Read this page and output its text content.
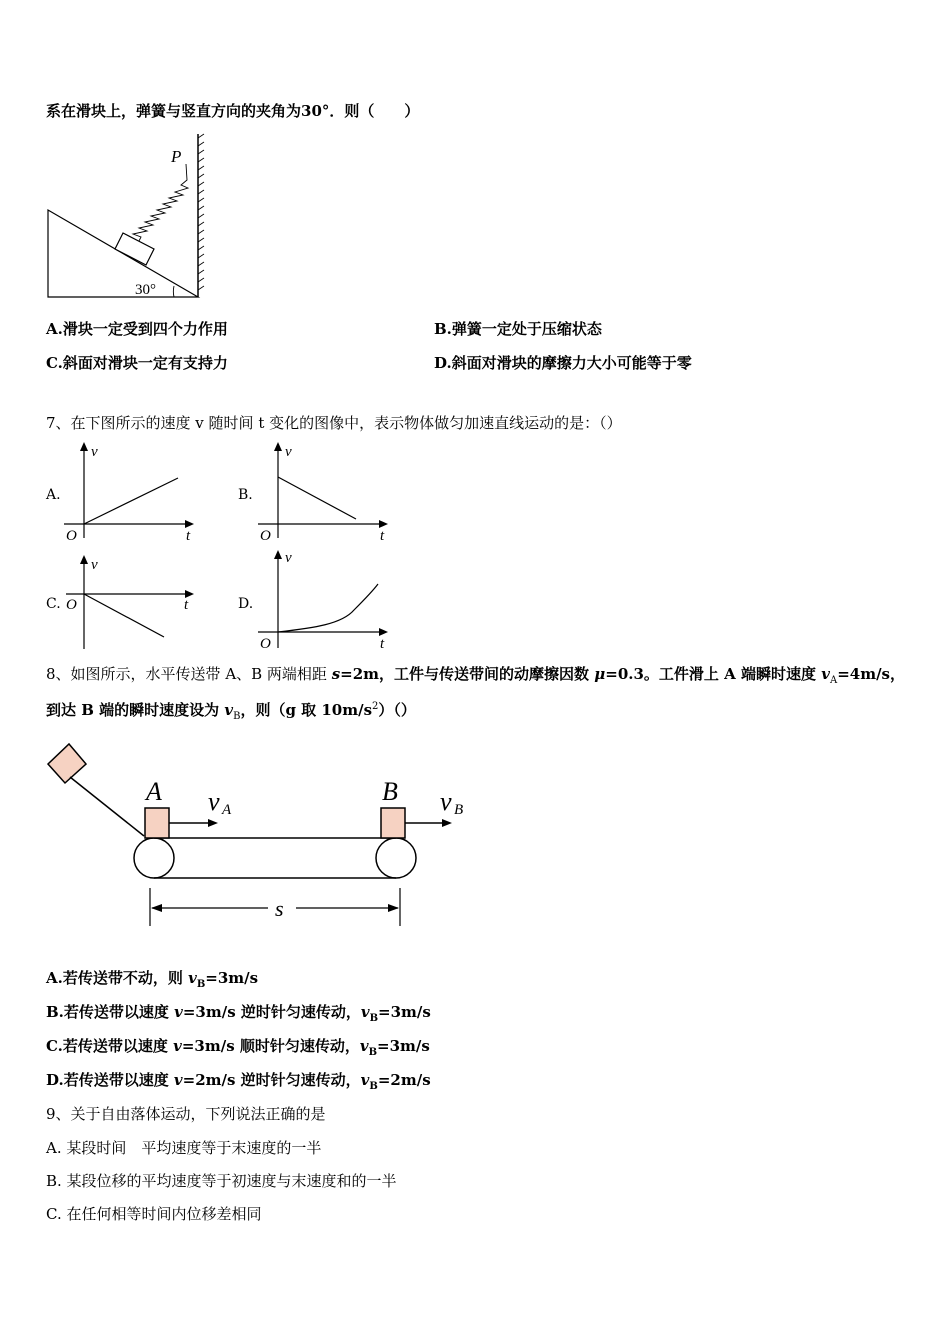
系在滑块上，弹簧与竖直方向的夹角为30°．则（　　）
P
30°
A.滑块一定受到四个力作用	B.弹簧一定处于压缩状态
C.斜面对滑块一定有支持力	D.斜面对滑块的摩擦力大小可能等于零
7、在下图所示的速度 v 随时间 t 变化的图像中，表示物体做匀加速直线运动的是：（）
A.
v
t
O
B.
v
t
O
C.
v
t
O	D.
v
t
O
8、如图所示，水平传送带 A、B 两端相距 s=2m，工件与传送带间的动摩擦因数 μ=0.3。工件滑上 A 端瞬时速度 $v_A=4m/s$，
到达 B 端的瞬时速度设为 $v_B$，则（g 取 $10m/s^2)()$
A	B
v A	v B
s
A.若传送带不动，则 $v_B=3m/s$
B.若传送带以速度 v=3m/s 逆时针匀速传动，$v_B=3m/s$
C.若传送带以速度 v=3m/s 顺时针匀速传动，$v_B=3m/s$
D.若传送带以速度 v=2m/s 逆时针匀速传动，$v_B=2m/s$
9、关于自由落体运动，下列说法正确的是
A. 某段时间　平均速度等于末速度的一半
B. 某段位移的平均速度等于初速度与末速度和的一半
C. 在任何相等时间内位移差相同
